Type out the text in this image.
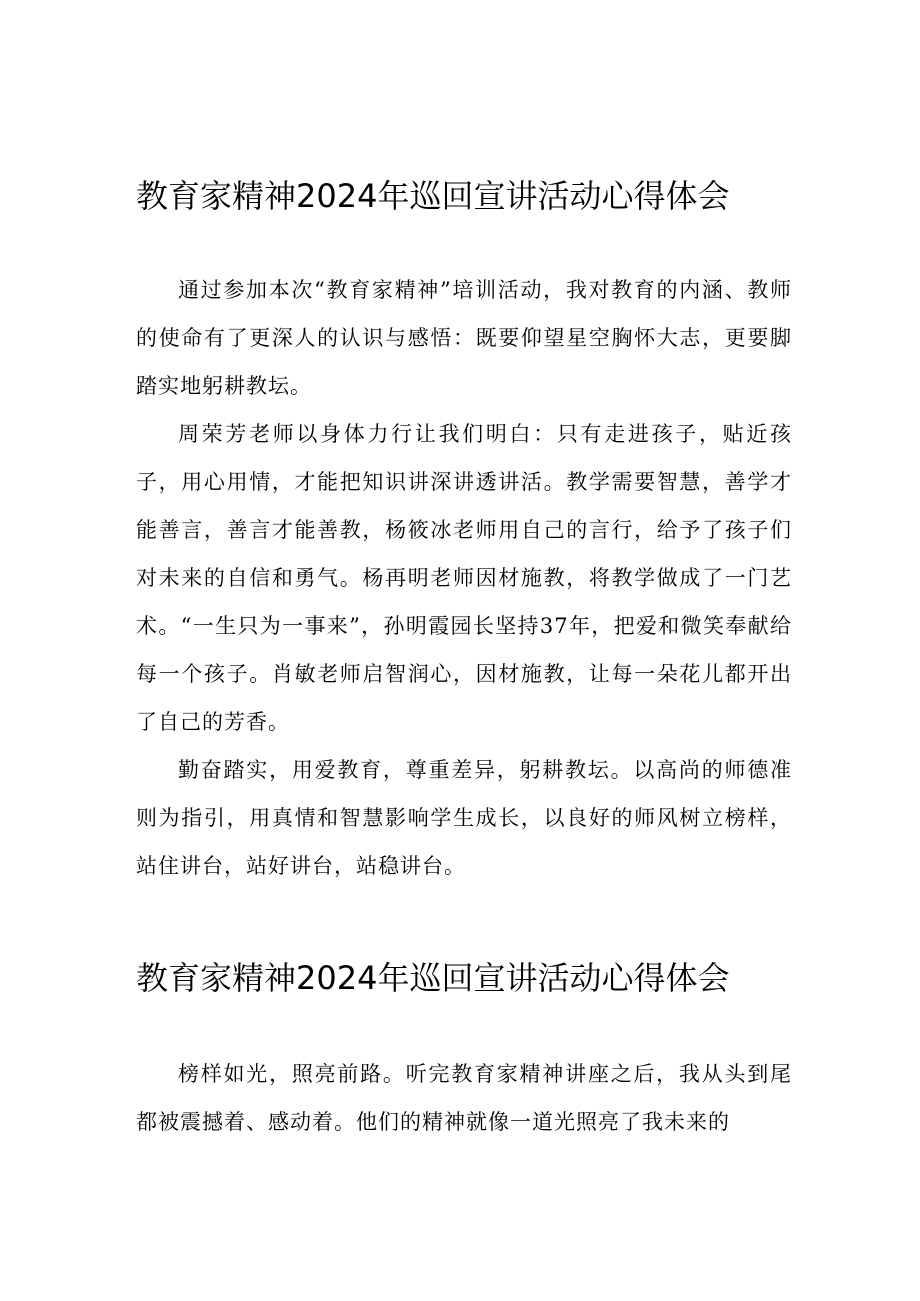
教育家精神2024年巡回宣讲活动心得体会

通过参加本次“教育家精神”培训活动，我对教育的内涵、教师的使命有了更深人的认识与感悟：既要仰望星空胸怀大志，更要脚踏实地躬耕教坛。

周荣芳老师以身体力行让我们明白：只有走进孩子，贴近孩子，用心用情，才能把知识讲深讲透讲活。教学需要智慧，善学才能善言，善言才能善教，杨筱冰老师用自己的言行，给予了孩子们对未来的自信和勇气。杨再明老师因材施教，将教学做成了一门艺术。“一生只为一事来”，孙明霞园长坚持37年，把爱和微笑奉献给每一个孩子。肖敏老师启智润心，因材施教，让每一朵花儿都开出了自己的芳香。

勤奋踏实，用爱教育，尊重差异，躬耕教坛。以高尚的师德准则为指引，用真情和智慧影响学生成长，以良好的师风树立榜样，站住讲台，站好讲台，站稳讲台。

教育家精神2024年巡回宣讲活动心得体会

榜样如光，照亮前路。听完教育家精神讲座之后，我从头到尾都被震撼着、感动着。他们的精神就像一道光照亮了我未来的
